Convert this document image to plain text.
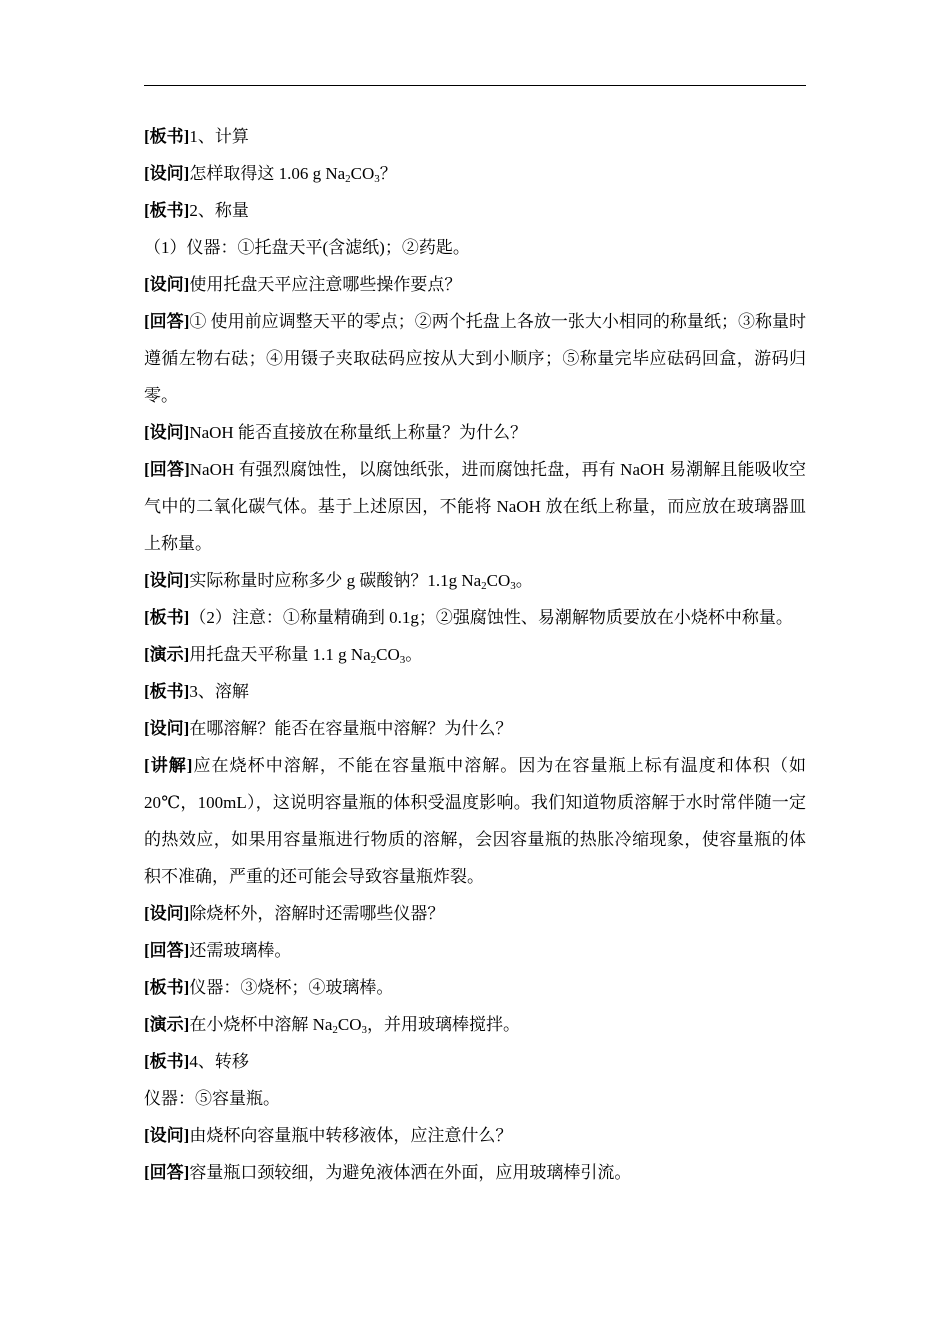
[板书]1、计算

[设问]怎样取得这 1.06 g $Na_2CO_3$？

[板书]2、称量

（1）仪器：①托盘天平(含滤纸)；②药匙。

[设问]使用托盘天平应注意哪些操作要点？

[回答]① 使用前应调整天平的零点；②两个托盘上各放一张大小相同的称量纸；③称量时遵循左物右砝；④用镊子夹取砝码应按从大到小顺序；⑤称量完毕应砝码回盒，游码归零。

[设问]NaOH 能否直接放在称量纸上称量？为什么？

[回答]NaOH 有强烈腐蚀性，以腐蚀纸张，进而腐蚀托盘，再有 NaOH 易潮解且能吸收空气中的二氧化碳气体。基于上述原因，不能将 NaOH 放在纸上称量，而应放在玻璃器皿上称量。

[设问]实际称量时应称多少 g 碳酸钠？1.1g $Na_2CO_3$。

[板书]（2）注意：①称量精确到 0.1g；②强腐蚀性、易潮解物质要放在小烧杯中称量。

[演示]用托盘天平称量 1.1 g $Na_2CO_3$。

[板书]3、溶解

[设问]在哪溶解？能否在容量瓶中溶解？为什么？

[讲解]应在烧杯中溶解，不能在容量瓶中溶解。因为在容量瓶上标有温度和体积（如 20℃，100mL），这说明容量瓶的体积受温度影响。我们知道物质溶解于水时常伴随一定的热效应，如果用容量瓶进行物质的溶解，会因容量瓶的热胀冷缩现象，使容量瓶的体积不准确，严重的还可能会导致容量瓶炸裂。

[设问]除烧杯外，溶解时还需哪些仪器？

[回答]还需玻璃棒。

[板书]仪器：③烧杯；④玻璃棒。

[演示]在小烧杯中溶解 $Na_2CO_3$，并用玻璃棒搅拌。

[板书]4、转移

仪器：⑤容量瓶。

[设问]由烧杯向容量瓶中转移液体，应注意什么？

[回答]容量瓶口颈较细，为避免液体洒在外面，应用玻璃棒引流。
